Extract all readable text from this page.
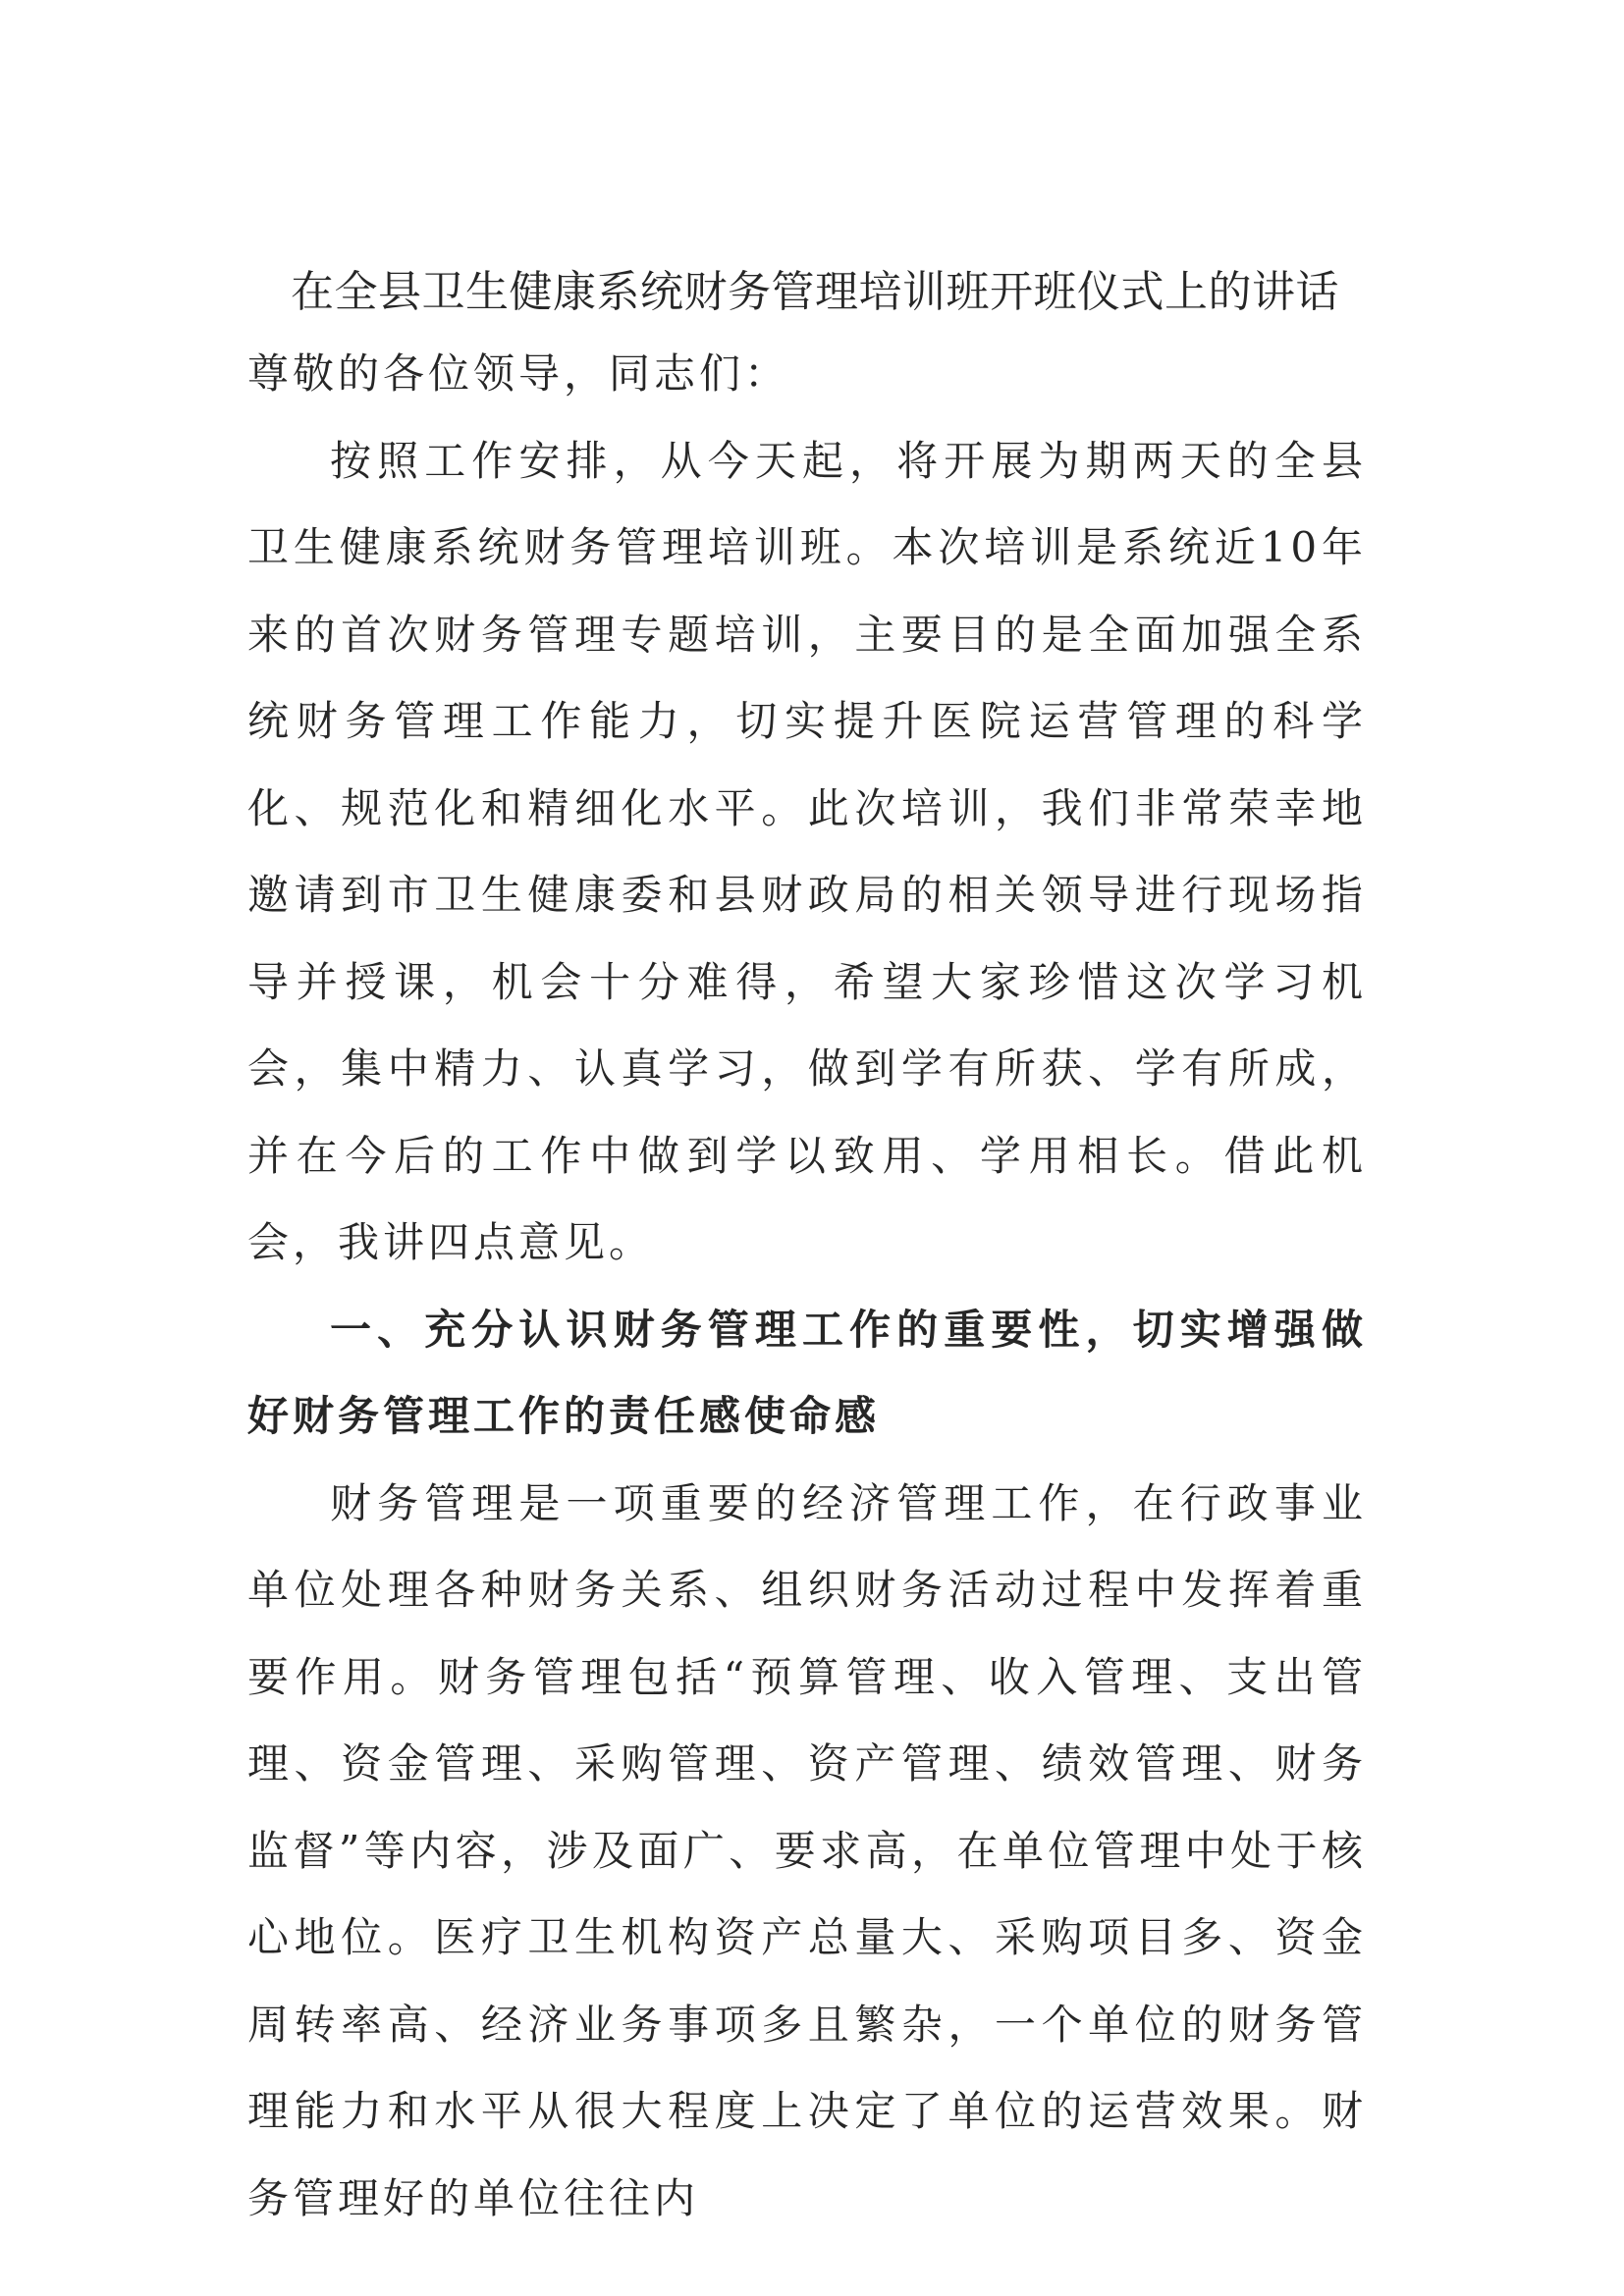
在全县卫生健康系统财务管理培训班开班仪式上的讲话

尊敬的各位领导，同志们：

按照工作安排，从今天起，将开展为期两天的全县卫生健康系统财务管理培训班。本次培训是系统近10年来的首次财务管理专题培训，主要目的是全面加强全系统财务管理工作能力，切实提升医院运营管理的科学化、规范化和精细化水平。此次培训，我们非常荣幸地邀请到市卫生健康委和县财政局的相关领导进行现场指导并授课，机会十分难得，希望大家珍惜这次学习机会，集中精力、认真学习，做到学有所获、学有所成，并在今后的工作中做到学以致用、学用相长。借此机会，我讲四点意见。

一、充分认识财务管理工作的重要性，切实增强做好财务管理工作的责任感使命感

财务管理是一项重要的经济管理工作，在行政事业单位处理各种财务关系、组织财务活动过程中发挥着重要作用。财务管理包括“预算管理、收入管理、支出管理、资金管理、采购管理、资产管理、绩效管理、财务监督”等内容，涉及面广、要求高，在单位管理中处于核心地位。医疗卫生机构资产总量大、采购项目多、资金周转率高、经济业务事项多且繁杂，一个单位的财务管理能力和水平从很大程度上决定了单位的运营效果。财务管理好的单位往往内
